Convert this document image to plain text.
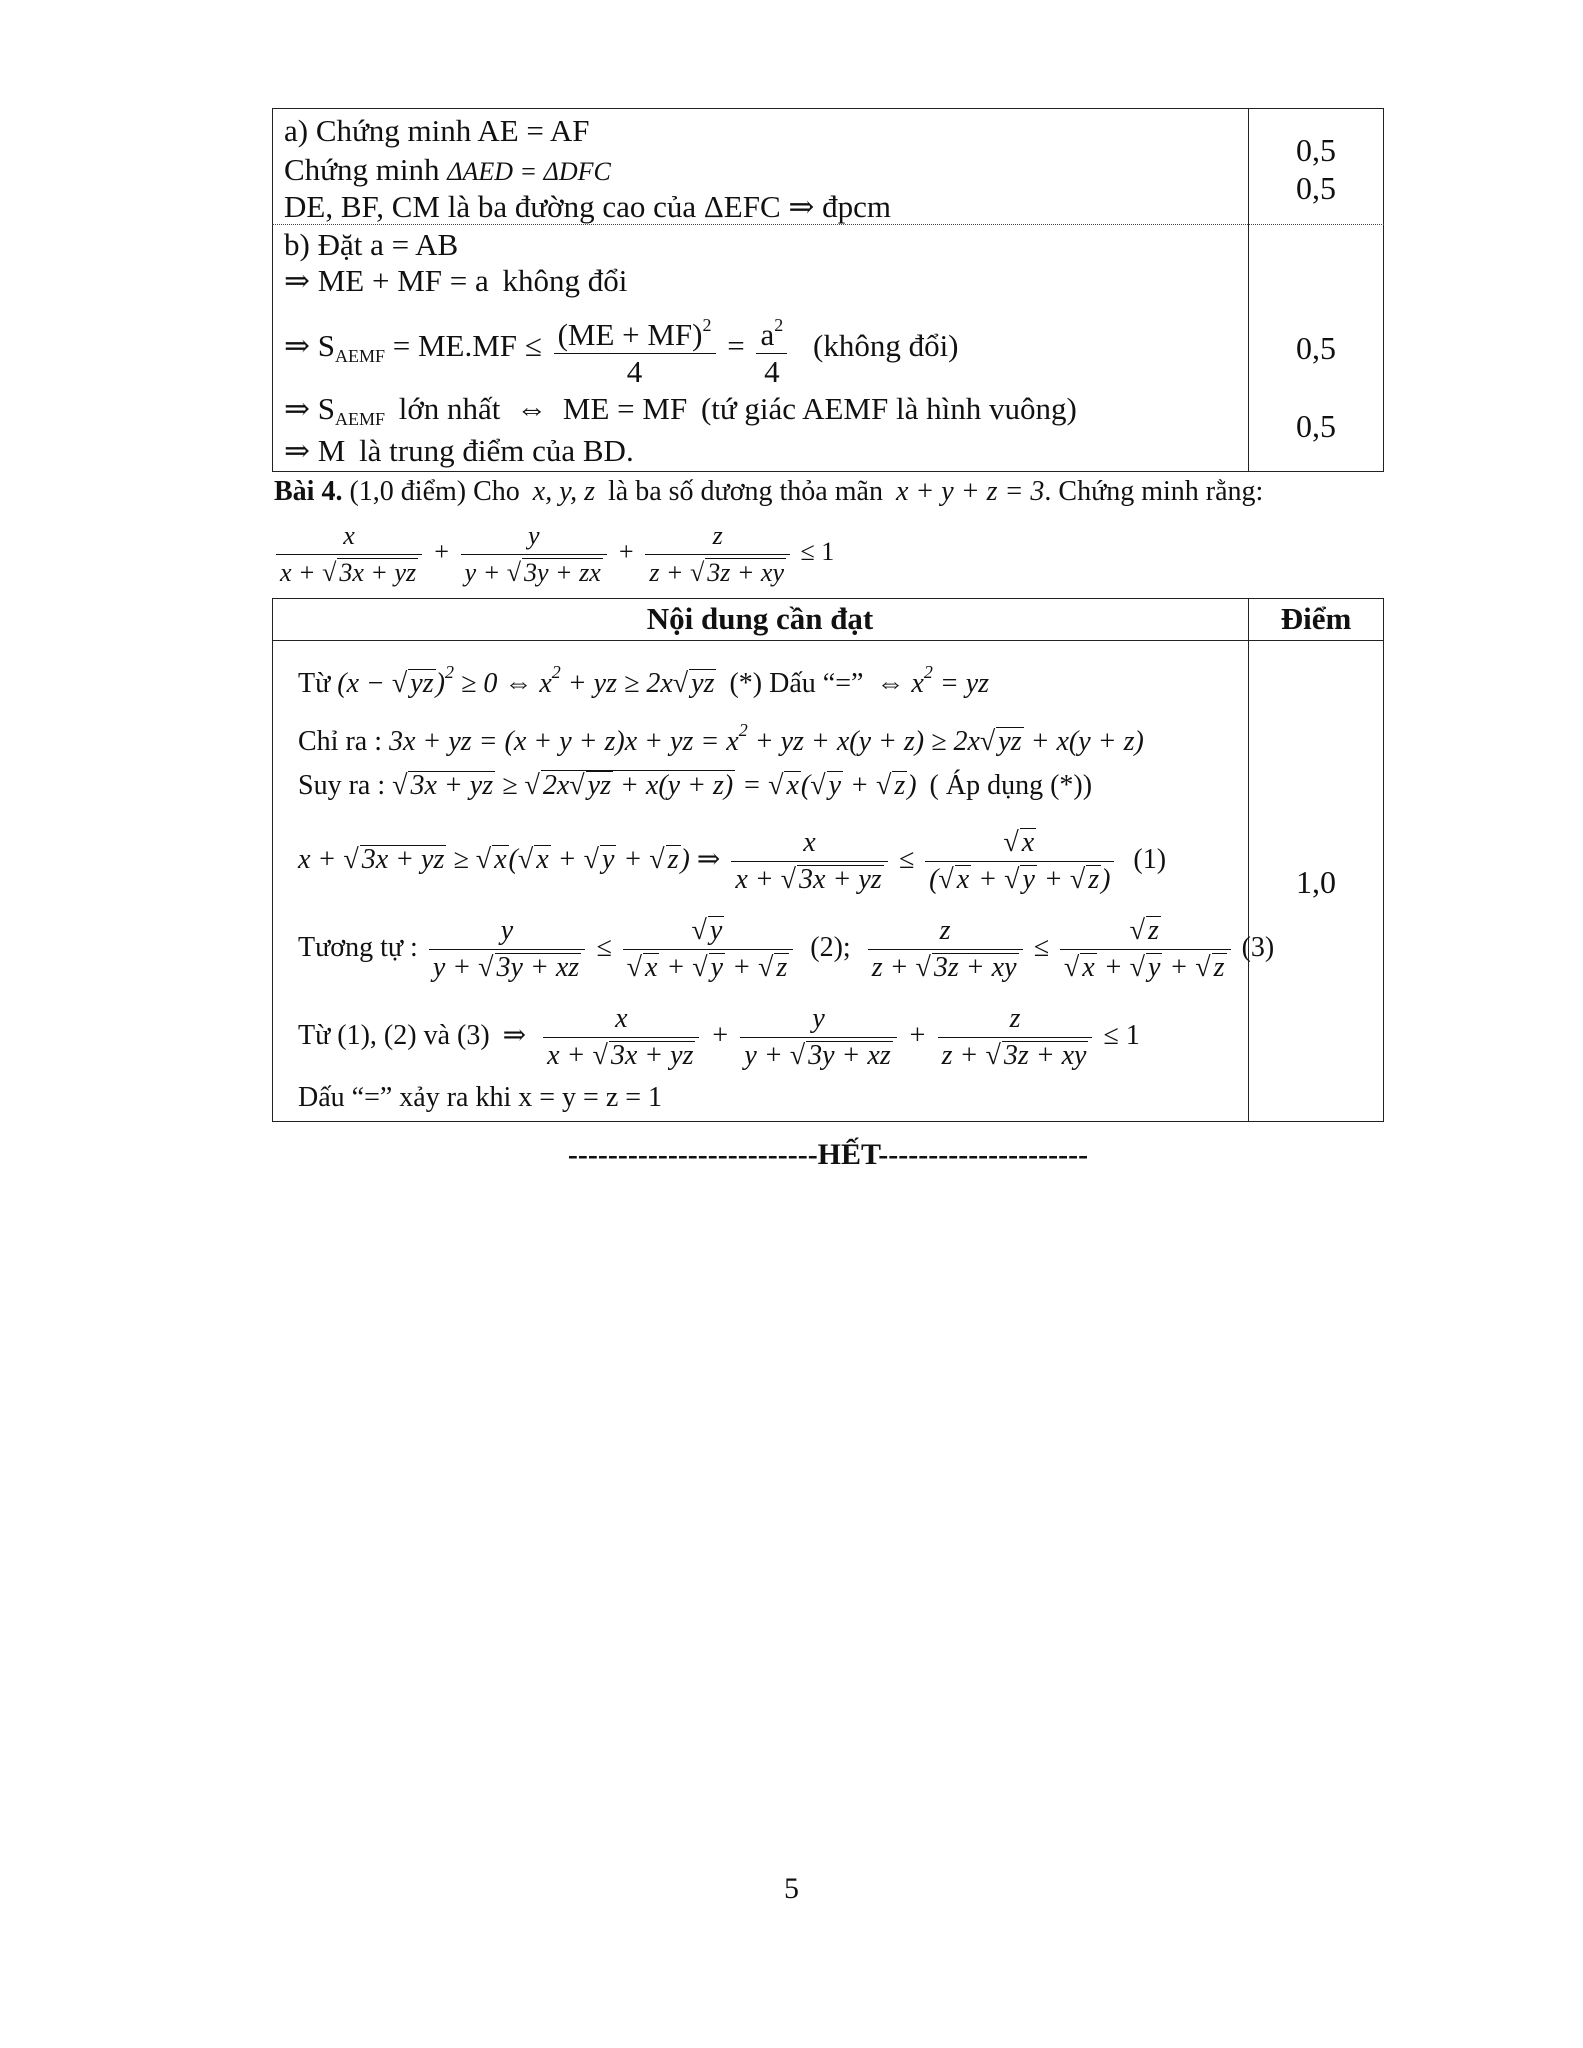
a) Chứng minh AE = AF
Chứng minh ΔAED = ΔDFC
DE, BF, CM là ba đường cao của ΔEFC ⇒ đpcm
0,5
0,5
b) Đặt a = AB
⇒ ME + MF = a không đổi
⇒ $S_{AEMF} = ME.MF \le \frac{(ME + MF)^2}{4} = \frac{a^2}{4}$ (không đổi)
⇒ $S_{AEMF}$ lớn nhất ⇔ ME = MF (tứ giác AEMF là hình vuông)
⇒ M là trung điểm của BD.
0,5
0,5
Bài 4. (1,0 điểm) Cho x, y, z là ba số dương thỏa mãn x + y + z = 3. Chứng minh rằng:
$\frac{x}{x + √ 3x + yz} + \frac{y}{y + √ 3y + zx} + \frac{z}{z + √ 3z + xy} \le 1$
Nội dung cần đạt	Điểm
Từ (x − √ yz)$^2$ ≥ 0 ⇔ $x^2$ + yz ≥ 2x√ yz (*) Dấu “=” ⇔ $x^2$ = yz
Chỉ ra : 3x + yz = (x + y + z)x + yz = $x^2$ + yz + x(y + z) ≥ 2x√ yz + x(y + z)
Suy ra : √ 3x + yz ≥ √ 2x√ yz + x(y + z) = √ x(√ y + √ z) ( Áp dụng (*))
x + √ 3x + yz ≥ √ x(√ x + √ y + √ z) ⇒ $\frac{x}{x + √ 3x + yz} \le \frac{√ x}{(√ x + √ y + √ z)} (1)$
Tương tự : $\frac{y}{y + √ 3y + xz} \le \frac{√ y}{√ x + √ y + √ z} (2)$; $\frac{z}{z + √ 3z + xy} \le \frac{√ z}{√ x + √ y + √ z} (3)$
Từ (1), (2) và (3) ⇒ $\frac{x}{x + √ 3x + yz} + \frac{y}{y + √ 3y + xz} + \frac{z}{z + √ 3z + xy} \le 1$
Dấu “=” xảy ra khi x = y = z = 1
1,0
-------------------------HẾT---------------------
5
